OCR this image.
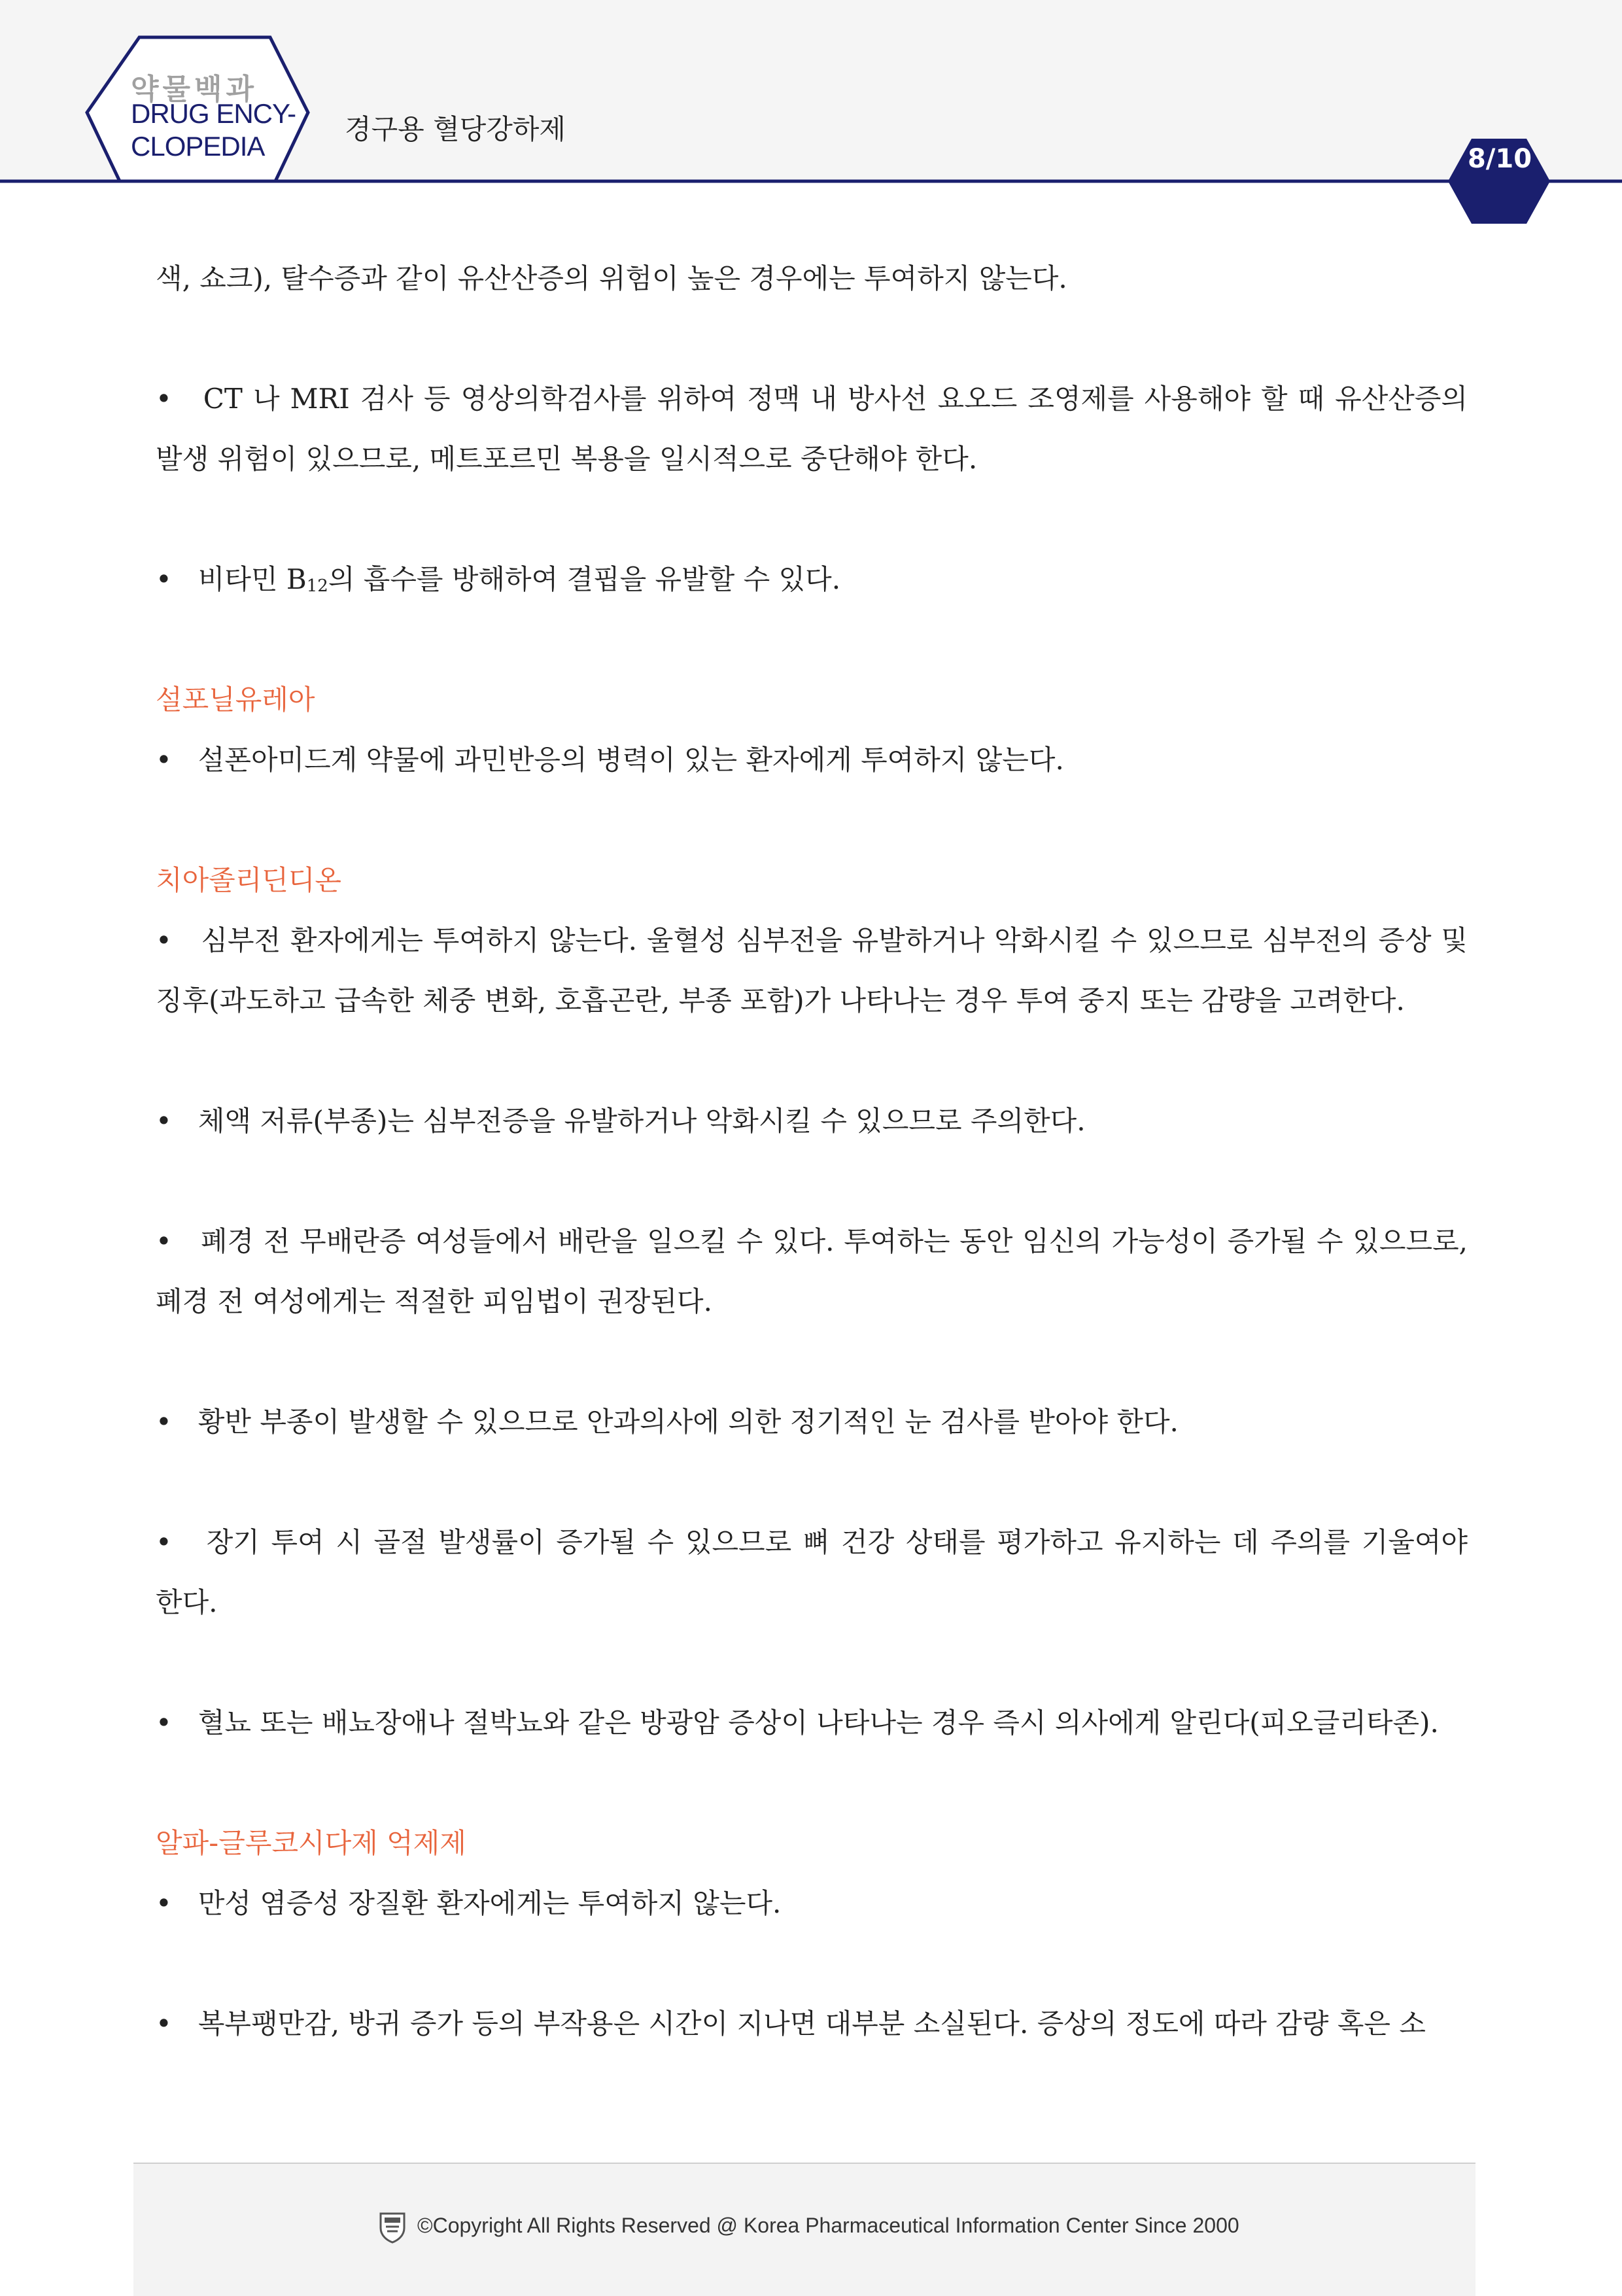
약물백과
DRUG ENCY-
CLOPEDIA
경구용 혈당강하제
8/10

색, 쇼크), 탈수증과 같이 유산산증의 위험이 높은 경우에는 투여하지 않는다.

•   CT 나 MRI 검사 등 영상의학검사를 위하여 정맥 내 방사선 요오드 조영제를 사용해야 할 때 유산산증의 발생 위험이 있으므로, 메트포르민 복용을 일시적으로 중단해야 한다.

•   비타민 $B_{12}$의 흡수를 방해하여 결핍을 유발할 수 있다.

설포닐유레아

•   설폰아미드계 약물에 과민반응의 병력이 있는 환자에게 투여하지 않는다.

치아졸리딘디온

•   심부전 환자에게는 투여하지 않는다. 울혈성 심부전을 유발하거나 악화시킬 수 있으므로 심부전의 증상 및 징후(과도하고 급속한 체중 변화, 호흡곤란, 부종 포함)가 나타나는 경우 투여 중지 또는 감량을 고려한다.

•   체액 저류(부종)는 심부전증을 유발하거나 악화시킬 수 있으므로 주의한다.

•   폐경 전 무배란증 여성들에서 배란을 일으킬 수 있다. 투여하는 동안 임신의 가능성이 증가될 수 있으므로, 폐경 전 여성에게는 적절한 피임법이 권장된다.

•   황반 부종이 발생할 수 있으므로 안과의사에 의한 정기적인 눈 검사를 받아야 한다.

•   장기 투여 시 골절 발생률이 증가될 수 있으므로 뼈 건강 상태를 평가하고 유지하는 데 주의를 기울여야 한다.

•   혈뇨 또는 배뇨장애나 절박뇨와 같은 방광암 증상이 나타나는 경우 즉시 의사에게 알린다(피오글리타존).

알파-글루코시다제 억제제

•   만성 염증성 장질환 환자에게는 투여하지 않는다.

•   복부팽만감, 방귀 증가 등의 부작용은 시간이 지나면 대부분 소실된다. 증상의 정도에 따라 감량 혹은 소

©Copyright All Rights Reserved @ Korea Pharmaceutical Information Center Since 2000
